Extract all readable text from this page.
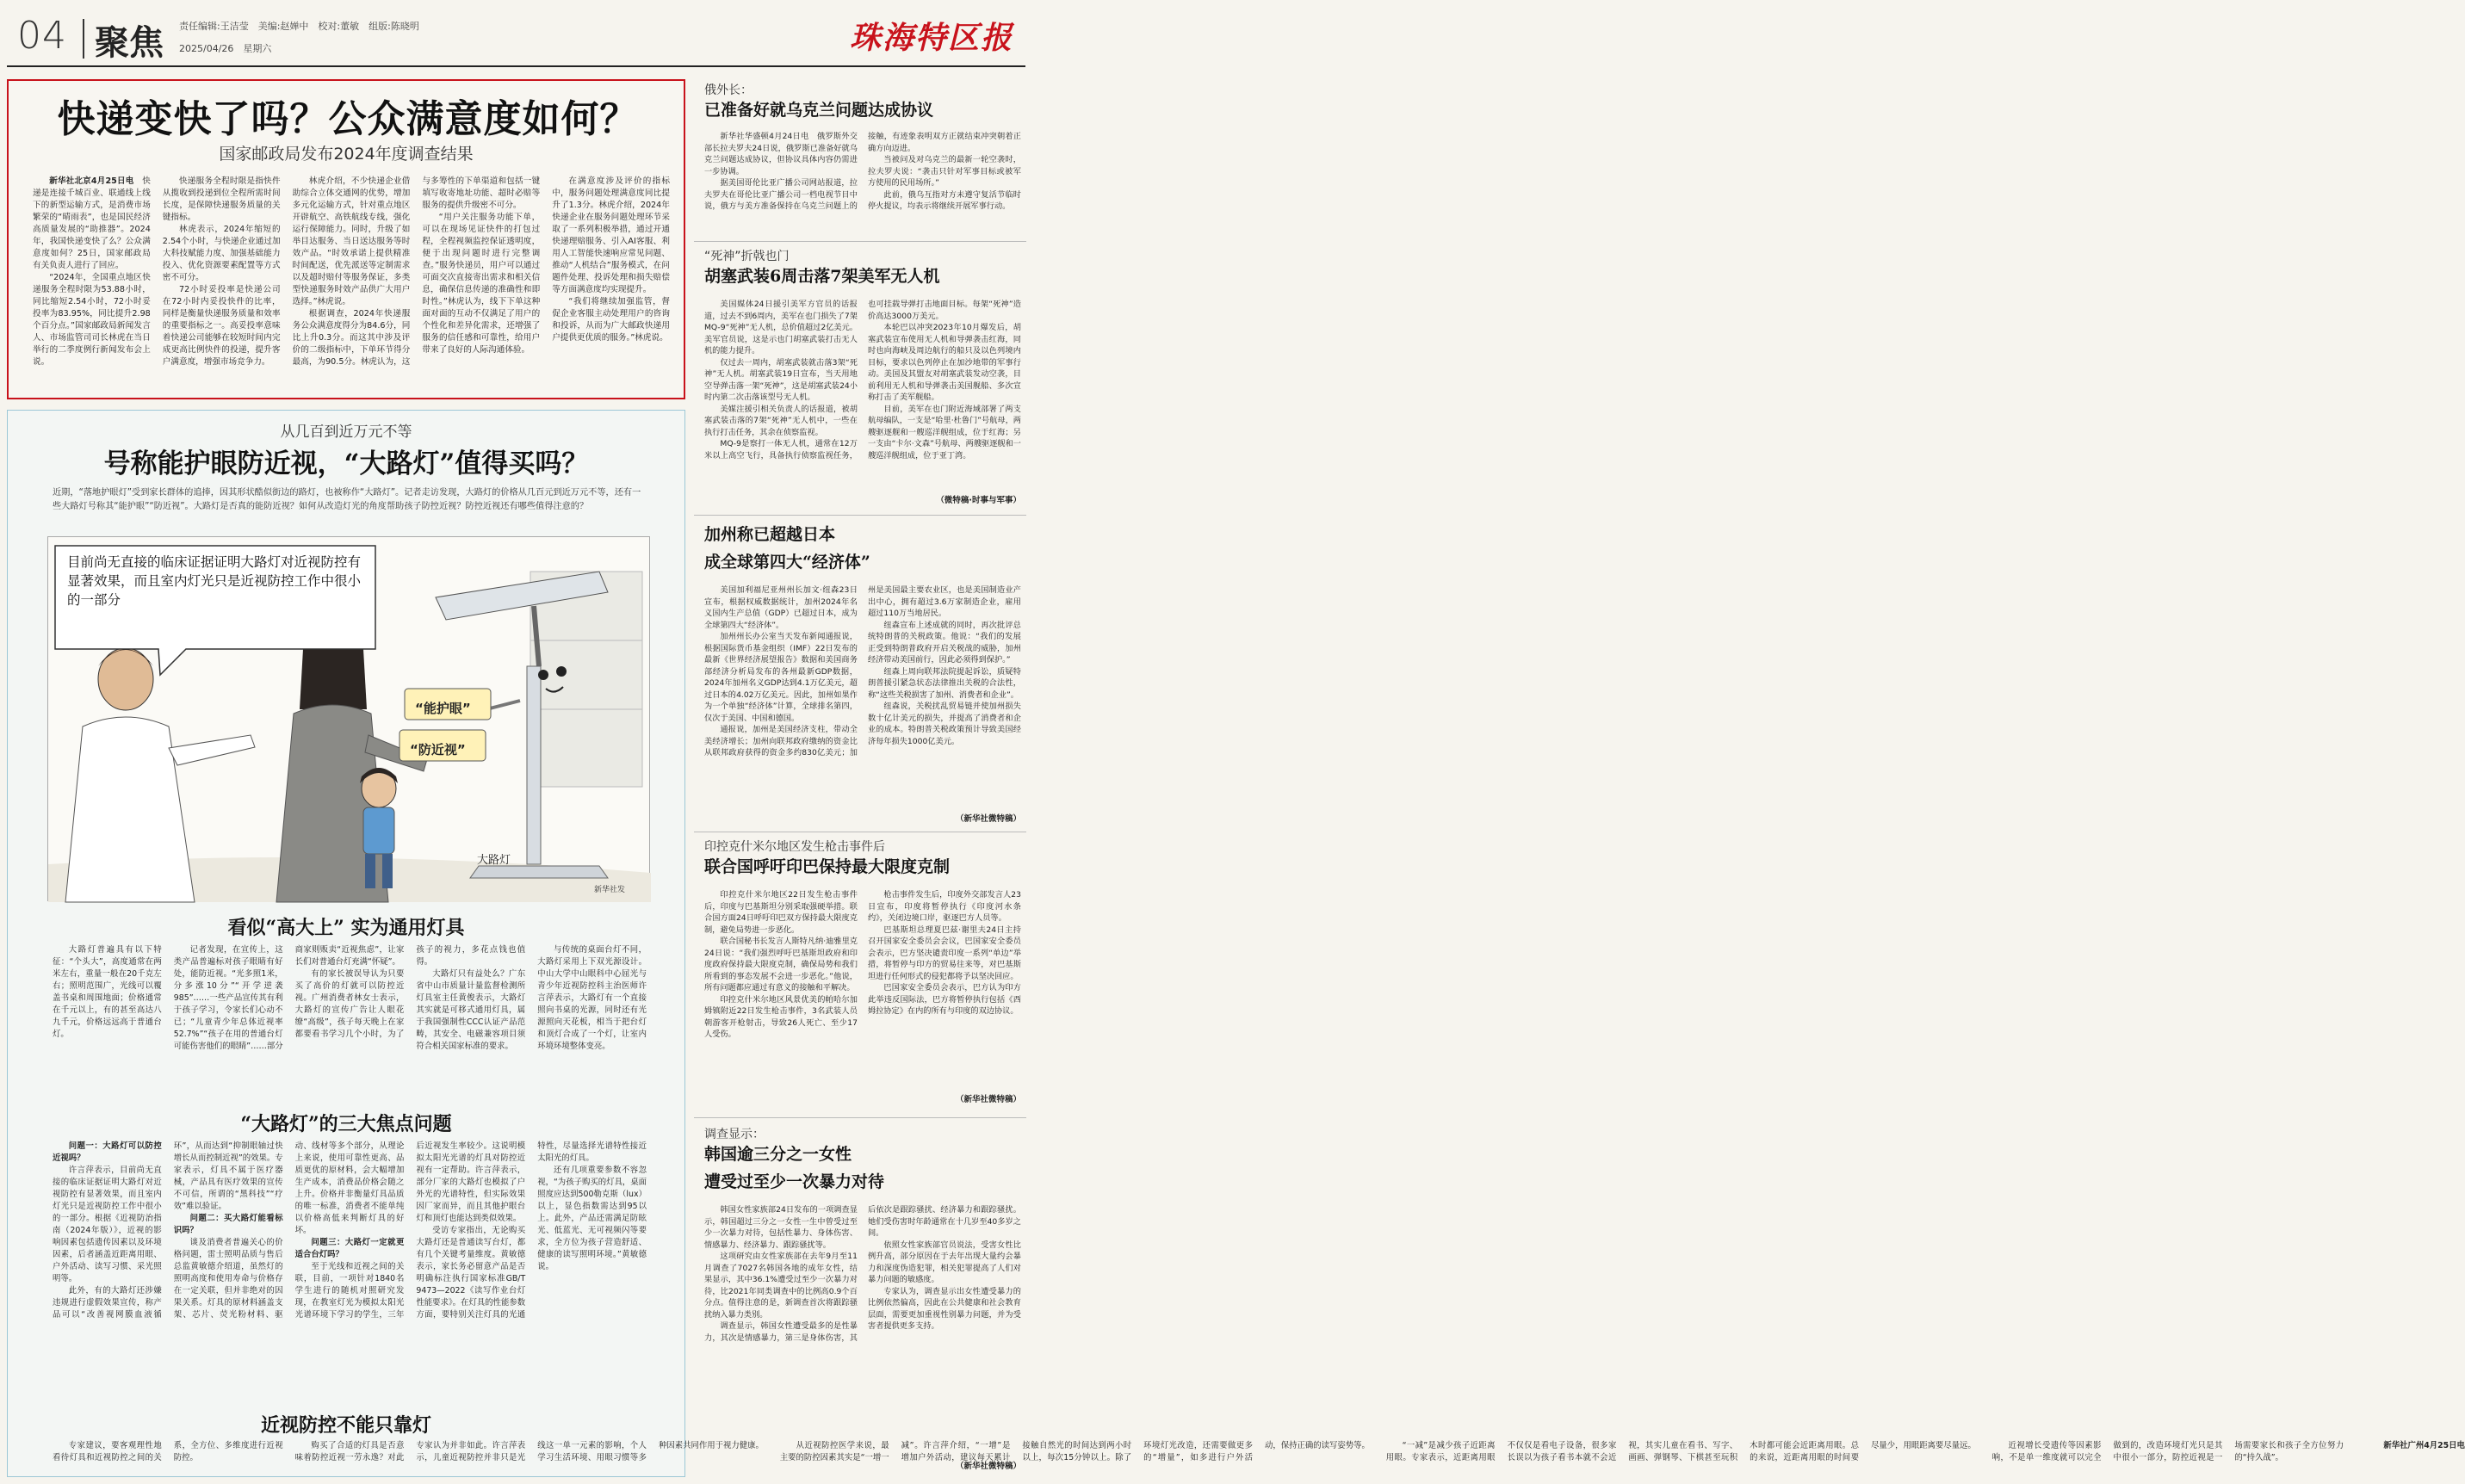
04 聚焦 责任编辑:王洁莹　美编:赵婵中　校对:董敏　组版:陈晓明
2025/04/26　星期六	珠海特区报
快递变快了吗？公众满意度如何？
国家邮政局发布2024年度调查结果

新华社北京4月25日电　 快递是连接千城百业、联通线上线下的新型运输方式，是消费市场繁荣的“晴雨表”，也是国民经济高质量发展的“助推器”。2024年，我国快递变快了么？公众满意度如何？25日，国家邮政局有关负责人进行了回应。

“2024年，全国重点地区快递服务全程时限为53.88小时，同比缩短2.54小时，72小时妥投率为83.95%，同比提升2.98个百分点。”国家邮政局新闻发言人、市场监管司司长林虎在当日举行的二季度例行新闻发布会上说。

快递服务全程时限是指快件从揽收到投递到位全程所需时间长度，是保障快递服务质量的关键指标。

林虎表示，2024年缩短的2.54个小时，与快递企业通过加大科技赋能力度、加强基础能力投入、优化资源要素配置等方式密不可分。

72小时妥投率是快递公司在72小时内妥投快件的比率，同样是衡量快递服务质量和效率的重要指标之一。高妥投率意味着快递公司能够在较短时间内完成更高比例快件的投递，提升客户满意度，增强市场竞争力。

林虎介绍，不少快递企业借助综合立体交通网的优势，增加多元化运输方式，针对重点地区开辟航空、高铁航线专线，强化运行保障能力。同时，升级了如举目达服务、当日送达服务等时效产品。“时效承诺上提供精准时间配送，优先派送等定制需求以及超时赔付等服务保证，多类型快递服务时效产品供广大用户选择。”林虎说。

根据调查，2024年快递服务公众满意度得分为84.6分，同比上升0.3分。而这其中涉及评价的二级指标中，下单环节得分最高，为90.5分。林虎认为，这与多筹性的下单渠道和包括一键填写收寄地址功能、超时必赔等服务的提供升级密不可分。

“用户关注服务功能下单，可以在现场见证快件的打包过程，全程视频监控保证透明度，便于出现问题时进行完整调查。”服务快递员，用户可以通过可面交次直接寄出需求和相关信息，确保信息传递的准确性和即时性。”林虎认为，线下下单这种面对面的互动不仅满足了用户的个性化和差异化需求，还增强了服务的信任感和可靠性，给用户带来了良好的人际沟通体验。

在满意度涉及评价的指标中，服务问题处理满意度同比提升了1.3分。林虎介绍，2024年快递企业在服务问题处理环节采取了一系列积极举措，通过开通快递理赔服务、引入AI客服、利用人工智能快速响应常见问题、推动“人机结合”服务模式，在问题件处理、投诉处理和损失赔偿等方面满意度均实现提升。

“我们将继续加强监管，督促企业客服主动处理用户的咨询和投诉，从而为广大邮政快递用户提供更优质的服务。”林虎说。

从几百到近万元不等
号称能护眼防近视，“大路灯”值得买吗？
近期，“落地护眼灯”受到家长群体的追捧，因其形状酷似街边的路灯，也被称作“大路灯”。记者走访发现，大路灯的价格从几百元到近万元不等，还有一些大路灯号称其“能护眼”“防近视”。大路灯是否真的能防近视？如何从改造灯光的角度帮助孩子防控近视？防控近视还有哪些值得注意的？
目前尚无直接的临床证据证明大路灯对近视防控有显著效果，而且室内灯光只是近视防控工作中很小的一部分
“能护眼”
“防近视”
大路灯
新华社发
看似“高大上” 实为通用灯具

大路灯普遍具有以下特征：“个头大”，高度通常在两米左右，重量一般在20千克左右；照明范围广，光线可以覆盖书桌和周围地面；价格通常在千元以上，有的甚至高达八九千元，价格远远高于普通台灯。

记者发现，在宣传上，这类产品普遍标对孩子眼睛有好处，能防近视。“光多照1米，分多涨10分”“开学逆袭985”……一些产品宣传其有利于孩子学习，令家长们心动不已；“儿童青少年总体近视率52.7%”“孩子在用的普通台灯可能伤害他们的眼睛”……部分商家则贩卖“近视焦虑”，让家长们对普通台灯充满“怀疑”。

有的家长被误导认为只要买了高价的灯就可以防控近视。广州消费者林女士表示，大路灯的宣传广告让人眼花缭“高级”，孩子每天晚上在家都要看书学习几个小时，为了孩子的视力，多花点钱也值得。

大路灯只有益处么？广东省中山市质量计量监督检测所灯具室主任黄俊表示，大路灯其实就是可移式通用灯具，属于我国强制性CCC认证产品范畴，其安全、电磁兼容项目须符合相关国家标准的要求。

与传统的桌面台灯不同，大路灯采用上下双光源设计。中山大学中山眼科中心屈光与青少年近视防控科主治医师许言萍表示，大路灯有一个直接照向书桌的光源，同时还有光源照向天花板，相当于把台灯和顶灯合成了一个灯，让室内环境环境整体变亮。

“大路灯”的三大焦点问题

问题一：大路灯可以防控近视吗？

许言萍表示，目前尚无直接的临床证据证明大路灯对近视防控有显著效果，而且室内灯光只是近视防控工作中很小的一部分。根据《近视防治指南（2024年版）》，近视的影响因素包括遗传因素以及环境因素，后者涵盖近距离用眼、户外活动、读写习惯、采光照明等。

此外，有的大路灯还涉嫌违规进行虚假效果宣传，称产品可以“改善视网膜血液循环”，从而达到“抑制眼轴过快增长从而控制近视”的效果。专家表示，灯具不属于医疗器械，产品具有医疗效果的宣传不可信，所谓的“黑科技”“疗效”难以验证。

问题二：买大路灯能看标识吗？

谈及消费者普遍关心的价格问题，雷士照明品质与售后总监黄敏德介绍道，虽然灯的照明高度和使用寿命与价格存在一定关联，但并非绝对的因果关系。灯具的原材料涵盖支架、芯片、荧光粉材料、驱动、线材等多个部分，从理论上来说，使用可靠性更高、品质更优的原材料，会大幅增加生产成本，消费品价格会随之上升。价格并非衡量灯具品质的唯一标准，消费者不能单纯以价格高低来判断灯具的好坏。

问题三：大路灯一定就更适合台灯吗？

至于光线和近视之间的关联，目前，一项针对1840名学生进行的随机对照研究发现，在教室灯光为模拟太阳光光谱环境下学习的学生，三年后近视发生率较少。这说明模拟太阳光光谱的灯具对防控近视有一定帮助。许言萍表示，部分厂家的大路灯也模拟了户外光的光谱特性，但实际效果因厂家而异，而且其他护眼台灯和顶灯也能达到类似效果。

受访专家指出，无论购买大路灯还是普通读写台灯，都有几个关键考量维度。黄敏德表示，家长务必留意产品是否明确标注执行国家标准GB/T 9473—2022《读写作业台灯性能要求》。在灯具的性能参数方面，要特别关注灯具的光通特性，尽量选择光谱特性接近太阳光的灯具。

还有几项重要参数不容忽视，“为孩子购买的灯具，桌面照度应达到500勒克斯（lux）以上，显色指数需达到95以上。此外，产品还需满足防眩光、低蓝光、无可视频闪等要求，全方位为孩子营造舒适、健康的读写照明环境。”黄敏德说。

近视防控不能只靠灯

专家建议，要客观理性地看待灯具和近视防控之间的关系，全方位、多维度进行近视防控。

购买了合适的灯具是否意味着防控近视一劳永逸？对此专家认为并非如此。许言萍表示，儿童近视防控并非只是光线这一单一元素的影响，个人学习生活环境、用眼习惯等多种因素共同作用于视力健康。	从近视防控医学来说，最主要的防控因素其实是“一增一减”。许言萍介绍，“一增”是增加户外活动，建议每天累计接触自然光的时间达到两小时以上，每次15分钟以上。除了环境灯光改造，还需要做更多的“增量”，如多进行户外活动，保持正确的读写姿势等。	“一减”是减少孩子近距离用眼。专家表示，近距离用眼不仅仅是看电子设备，很多家长误以为孩子看书本就不会近视，其实儿童在看书、写字、画画、弹钢琴、下棋甚至玩积木时都可能会近距离用眼。总的来说，近距离用眼的时间要尽量少，用眼距离要尽量远。	近视增长受遗传等因素影响，不是单一维度就可以完全做到的，改造环境灯光只是其中很小一部分，防控近视是一场需要家长和孩子全方位努力的“持久战”。

新华社广州4月25日电

俄外长：
已准备好就乌克兰问题达成协议

新华社华盛顿4月24日电　俄罗斯外交部长拉夫罗夫24日说，俄罗斯已准备好就乌克兰问题达成协议，但协议具体内容仍需进一步协调。

据美国哥伦比亚广播公司网站报道，拉夫罗夫在哥伦比亚广播公司一档电视节目中说，俄方与美方准备保持在乌克兰问题上的接触，有迹象表明双方正就结束冲突朝着正确方向迈进。

当被问及对乌克兰的最新一轮空袭时，拉夫罗夫说：“袭击只针对军事目标或被军方使用的民用场所。”

此前，俄乌互指对方未遵守复活节临时停火提议，均表示将继续开展军事行动。

“死神”折戟也门
胡塞武装6周击落7架美军无人机

美国媒体24日援引美军方官员的话报道，过去不到6周内，美军在也门损失了7架MQ-9“死神”无人机，总价值超过2亿美元。美军官员说，这是示也门胡塞武装打击无人机的能力提升。

仅过去一周内，胡塞武装就击落3架“死神”无人机。胡塞武装19日宣布，当天用地空导弹击落一架“死神”，这是胡塞武装24小时内第二次击落该型号无人机。

美媒注援引相关负责人的话报道，被胡塞武装击落的7架“死神”无人机中，一些在执行打击任务，其余在侦察监视。

MQ-9是察打一体无人机，通常在12万米以上高空飞行，具备执行侦察监视任务，也可挂载导弹打击地面目标。每架“死神”造价高达3000万美元。

本轮巴以冲突2023年10月爆发后，胡塞武装宣布使用无人机和导弹袭击红海，同时也向海峡及周边航行的船只及以色列境内目标，要求以色列停止在加沙地带的军事行动。美国及其盟友对胡塞武装发动空袭，目前利用无人机和导弹袭击美国舰船、多次宣称打击了美军舰船。

目前，美军在也门附近海域部署了两支航母编队，一支是“哈里·杜鲁门”号航母，两艘驱逐舰和一艘巡洋舰组成，位于红海；另一支由“卡尔·文森”号航母、两艘驱逐舰和一艘巡洋舰组成，位于亚丁湾。

（微特稿·时事与军事）
加州称已超越日本
成全球第四大“经济体”

美国加利福尼亚州州长加文·纽森23日宣布，根据权威数据统计，加州2024年名义国内生产总值（GDP）已超过日本，成为全球第四大“经济体”。

加州州长办公室当天发布新闻通报说，根据国际货币基金组织（IMF）22日发布的最新《世界经济展望报告》数据和美国商务部经济分析局发布的各州最新GDP数据，2024年加州名义GDP达到4.1万亿美元，超过日本的4.02万亿美元。因此，加州如果作为一个单独“经济体”计算，全球排名第四，仅次于美国、中国和德国。

通报说，加州是美国经济支柱，带动全美经济增长；加州向联邦政府缴纳的资金比从联邦政府获得的资金多约830亿美元；加州是美国最主要农业区，也是美国制造业产出中心，拥有超过3.6万家制造企业，雇用超过110万当地居民。

纽森宣布上述成就的同时，再次批评总统特朗普的关税政策。他说：“我们的发展正受到特朗普政府开启关税战的威胁，加州经济带动美国前行，因此必须得到保护。”

纽森上周向联邦法院提起诉讼，质疑特朗普援引紧急状态法律推出关税的合法性，称“这些关税损害了加州、消费者和企业”。

纽森说，关税扰乱贸易链并使加州损失数十亿计美元的损失，并提高了消费者和企业的成本。特朗普关税政策预计导致美国经济每年损失1000亿美元。

（新华社微特稿）
印控克什米尔地区发生枪击事件后
联合国呼吁印巴保持最大限度克制

印控克什米尔地区22日发生枪击事件后，印度与巴基斯坦分别采取强硬举措。联合国方面24日呼吁印巴双方保持最大限度克制，避免局势进一步恶化。

联合国秘书长发言人斯特凡纳·迪雅里克24日说：“我们强烈呼吁巴基斯坦政府和印度政府保持最大限度克制，确保局势和我们所看到的事态发展不会进一步恶化。”他说，所有问题都应通过有意义的接触和平解决。

印控克什米尔地区风景优美的帕哈尔加姆镇附近22日发生枪击事件，3名武装人员朝游客开枪射击，导致26人死亡、至少17人受伤。

枪击事件发生后，印度外交部发言人23日宣布，印度将暂停执行《印度河水条约》，关闭边境口岸，驱逐巴方人员等。

巴基斯坦总理夏巴兹·谢里夫24日主持召开国家安全委员会会议，巴国家安全委员会表示，巴方坚决谴责印度一系列“单边”举措，将暂停与印方的贸易往来等，对巴基斯坦进行任何形式的侵犯都将予以坚决回应。

巴国家安全委员会表示，巴方认为印方此举违反国际法，巴方将暂停执行包括《西姆拉协定》在内的所有与印度的双边协议。

（新华社微特稿）
调查显示：
韩国逾三分之一女性
遭受过至少一次暴力对待

韩国女性家族部24日发布的一项调查显示，韩国超过三分之一女性一生中曾受过至少一次暴力对待，包括性暴力、身体伤害、情感暴力、经济暴力、跟踪骚扰等。

这项研究由女性家族部在去年9月至11月调查了7027名韩国各地的成年女性，结果显示，其中36.1%遭受过至少一次暴力对待，比2021年同类调查中的比例高0.9个百分点。值得注意的是，新调查首次将跟踪骚扰纳入暴力类别。

调查显示，韩国女性遭受最多的是性暴力，其次是情感暴力，第三是身体伤害，其后依次是跟踪骚扰、经济暴力和跟踪骚扰。她们受伤害时年龄通常在十几岁至40多岁之间。

依照女性家族部官员说法，受害女性比例升高，部分原因在于去年出现大量约会暴力和深度伪造犯罪，相关犯罪提高了人们对暴力问题的敏感度。

专家认为，调查显示出女性遭受暴力的比例依然偏高，因此在公共健康和社会教育层面，需要更加重视性别暴力问题，并为受害者提供更多支持。

（新华社微特稿）
